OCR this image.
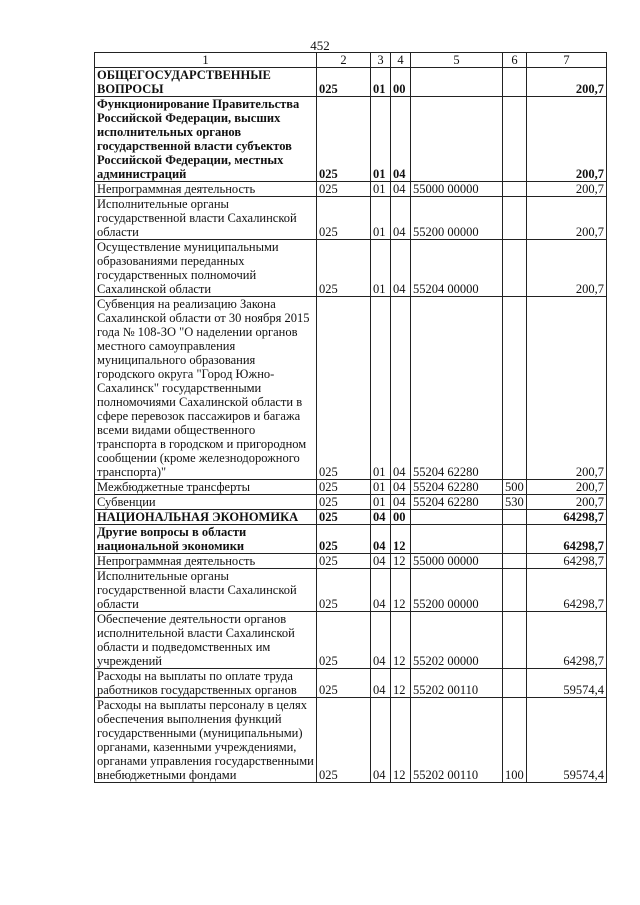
452
1	2	3	4	5	6	7
ОБЩЕГОСУДАРСТВЕННЫЕ ВОПРОСЫ	025	01	00			200,7
Функционирование Правительства Российской Федерации, высших исполнительных органов государственной власти субъектов Российской Федерации, местных администраций	025	01	04			200,7
Непрограммная деятельность	025	01	04	55000 00000		200,7
Исполнительные органы государственной власти Сахалинской области	025	01	04	55200 00000		200,7
Осуществление муниципальными образованиями переданных государственных полномочий Сахалинской области	025	01	04	55204 00000		200,7
Субвенция на реализацию Закона Сахалинской области от 30 ноября 2015 года № 108-ЗО "О наделении органов местного самоуправления муниципального образования городского округа "Город Южно-Сахалинск" государственными полномочиями Сахалинской области в сфере перевозок пассажиров и багажа всеми видами общественного транспорта в городском и пригородном сообщении (кроме железнодорожного транспорта)"	025	01	04	55204 62280		200,7
Межбюджетные трансферты	025	01	04	55204 62280	500	200,7
Субвенции	025	01	04	55204 62280	530	200,7
НАЦИОНАЛЬНАЯ ЭКОНОМИКА	025	04	00			64298,7
Другие вопросы в области национальной экономики	025	04	12			64298,7
Непрограммная деятельность	025	04	12	55000 00000		64298,7
Исполнительные органы государственной власти Сахалинской области	025	04	12	55200 00000		64298,7
Обеспечение деятельности органов исполнительной власти Сахалинской области и подведомственных им учреждений	025	04	12	55202 00000		64298,7
Расходы на выплаты по оплате труда работников государственных органов	025	04	12	55202 00110		59574,4
Расходы на выплаты персоналу в целях обеспечения выполнения функций государственными (муниципальными) органами, казенными учреждениями, органами управления государственными внебюджетными фондами	025	04	12	55202 00110	100	59574,4
